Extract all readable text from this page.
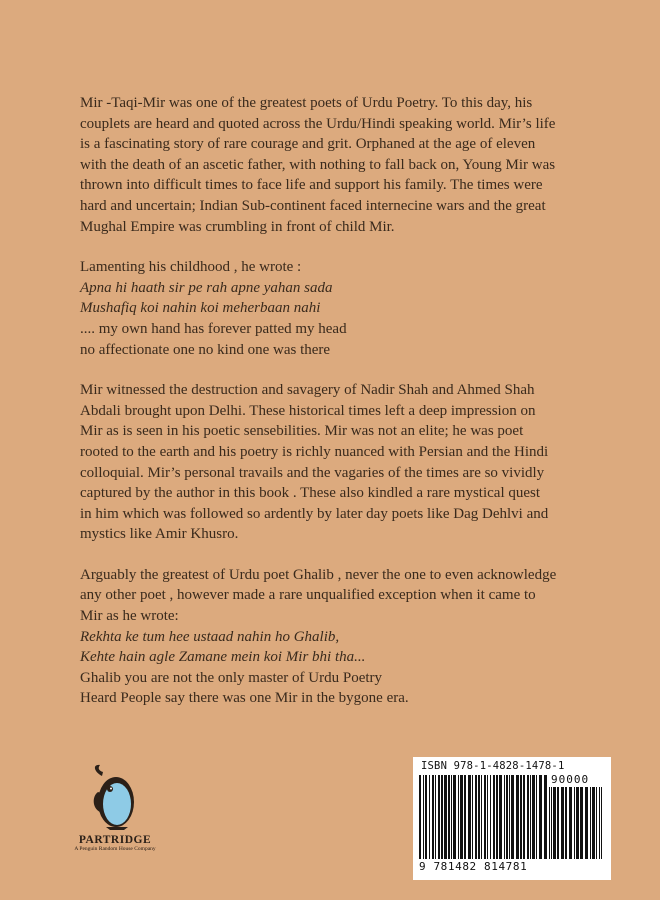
Mir -Taqi-Mir was one of the greatest poets of Urdu Poetry. To this day, his
couplets are heard and quoted across the Urdu/Hindi speaking world. Mir’s life
is a fascinating story of rare courage and grit. Orphaned at the age of eleven
with the death of an ascetic father, with nothing to fall back on, Young Mir was
thrown into difficult times to face life and support his family. The times were
hard and uncertain; Indian Sub-continent faced internecine wars and the great
Mughal Empire was crumbling in front of child Mir.

Lamenting his childhood , he wrote :
Apna hi haath sir pe rah apne yahan sada
Mushafiq koi nahin koi meherbaan nahi
.... my own hand has forever patted my head
no affectionate one no kind one was there

Mir witnessed the destruction and savagery of Nadir Shah and Ahmed Shah
Abdali brought upon Delhi. These historical times left a deep impression on
Mir as is seen in his poetic sensebilities. Mir was not an elite; he was poet
rooted to the earth and his poetry is richly nuanced with Persian and the Hindi
colloquial. Mir’s personal travails and the vagaries of the times are so vividly
captured by the author in this book . These also kindled a rare mystical quest
in him which was followed so ardently by later day poets like Dag Dehlvi and
mystics like Amir Khusro.

Arguably the greatest of Urdu poet Ghalib , never the one to even acknowledge
any other poet , however made a rare unqualified exception when it came to
Mir as he wrote:
Rekhta ke tum hee ustaad nahin ho Ghalib,
Kehte hain agle Zamane mein koi Mir bhi tha...
Ghalib you are not the only master of Urdu Poetry
Heard People say there was one Mir in the bygone era.

PARTRIDGE
A Penguin Random House Company
ISBN 978-1-4828-1478-1
90000
9 781482 814781
